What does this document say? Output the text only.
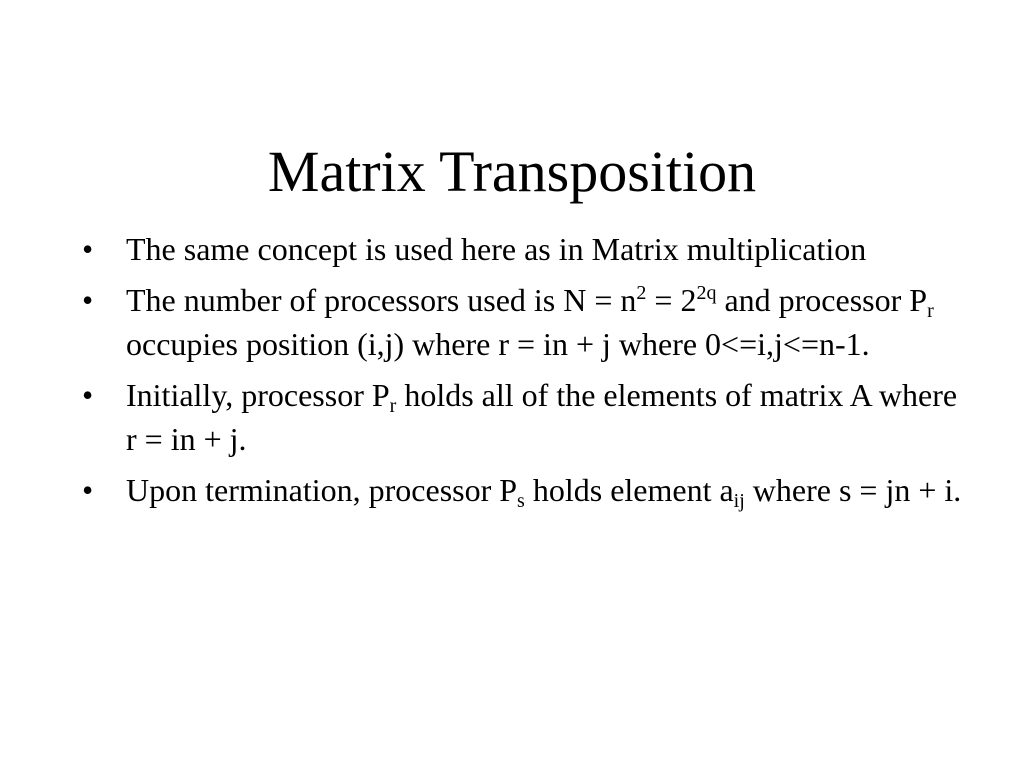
Matrix Transposition
•	The same concept is used here as in Matrix multiplication
•	The number of processors used is $N = n^2 = 2^{2q}$ and processor $P_r$ occupies position (i,j) where r = in + j where 0<=i,j<=n-1.
•	Initially, processor $P_r$ holds all of the elements of matrix A where r = in + j.
•	Upon termination, processor $P_s$ holds element $a_{ij}$ where s = jn + i.
